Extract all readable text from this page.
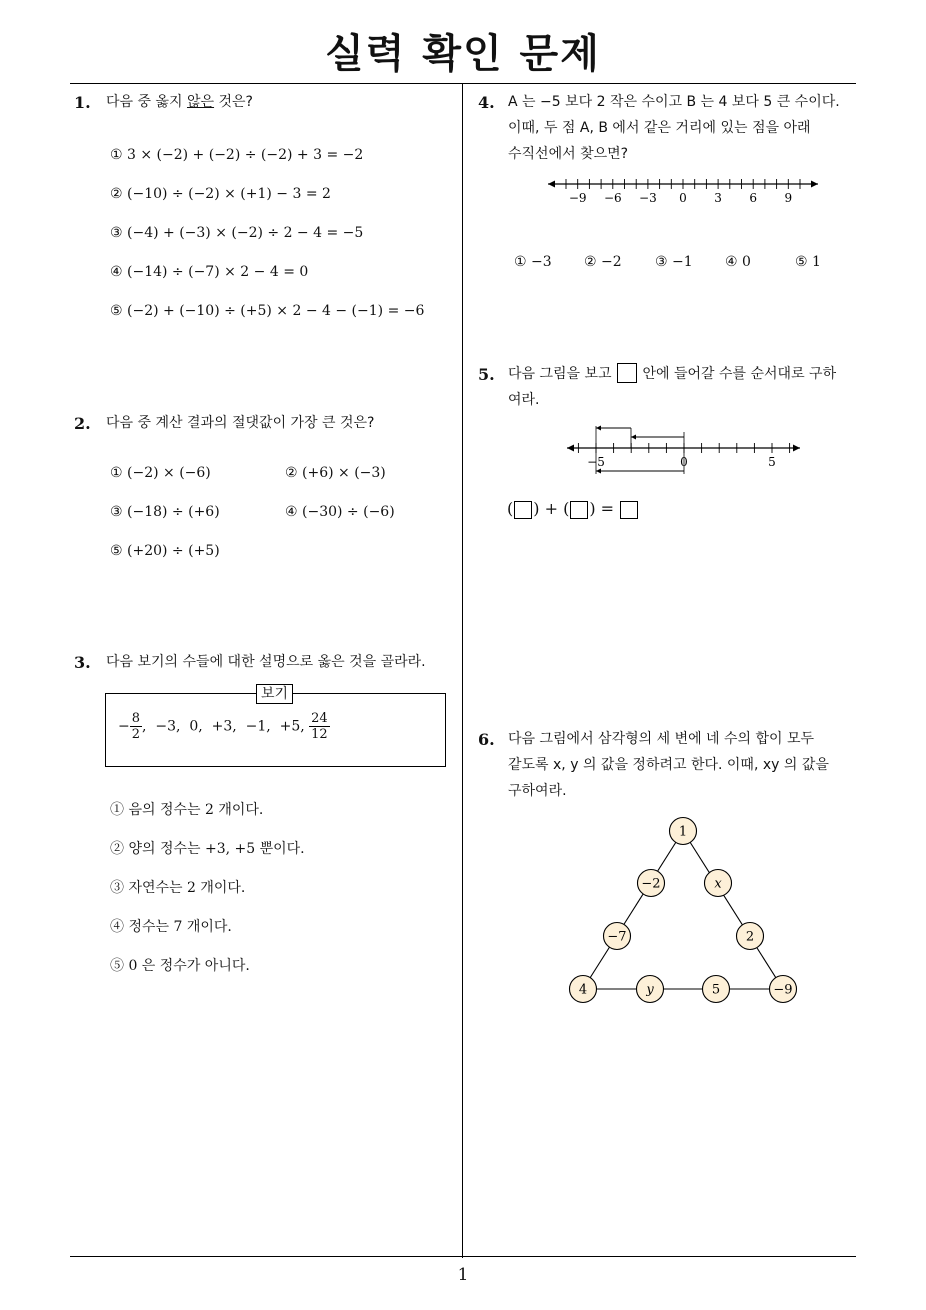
실력 확인 문제
1
1. 다음 중 옳지 않은 것은?
① 3 × (−2) + (−2) ÷ (−2) + 3 = −2
② (−10) ÷ (−2) × (+1) − 3 = 2
③ (−4) + (−3) × (−2) ÷ 2 − 4 = −5
④ (−14) ÷ (−7) × 2 − 4 = 0
⑤ (−2) + (−10) ÷ (+5) × 2 − 4 − (−1) = −6
2. 다음 중 계산 결과의 절댓값이 가장 큰 것은?
① (−2) × (−6)	② (+6) × (−3)
③ (−18) ÷ (+6)	④ (−30) ÷ (−6)
⑤ (+20) ÷ (+5)
3. 다음 보기의 수들에 대한 설명으로 옳은 것을 골라라.
보기
− $\frac{8}{2}$ ,  −3,  0,  +3,  −1,  +5, $\frac{24}{12}$
① 음의 정수는 2 개이다.
② 양의 정수는 +3, +5 뿐이다.
③ 자연수는 2 개이다.
④ 정수는 7 개이다.
⑤ 0 은 정수가 아니다.
4. A 는 −5 보다 2 작은 수이고 B 는 4 보다 5 큰 수이다.
이때, 두 점 A, B 에서 같은 거리에 있는 점을 아래
수직선에서 찾으면?
−9 −6 −3 0 3 6 9
① −3 ② −2 ③ −1 ④ 0	⑤ 1
5. 다음 그림을 보고 안에 들어갈 수를 순서대로 구하
여라.
−5	0	5
( ) + ( ) =
6. 다음 그림에서 삼각형의 세 변에 네 수의 합이 모두
같도록 x, y 의 값을 정하려고 한다. 이때, xy 의 값을
구하여라.
1
−2	x
−7	2
4	y	5	−9
